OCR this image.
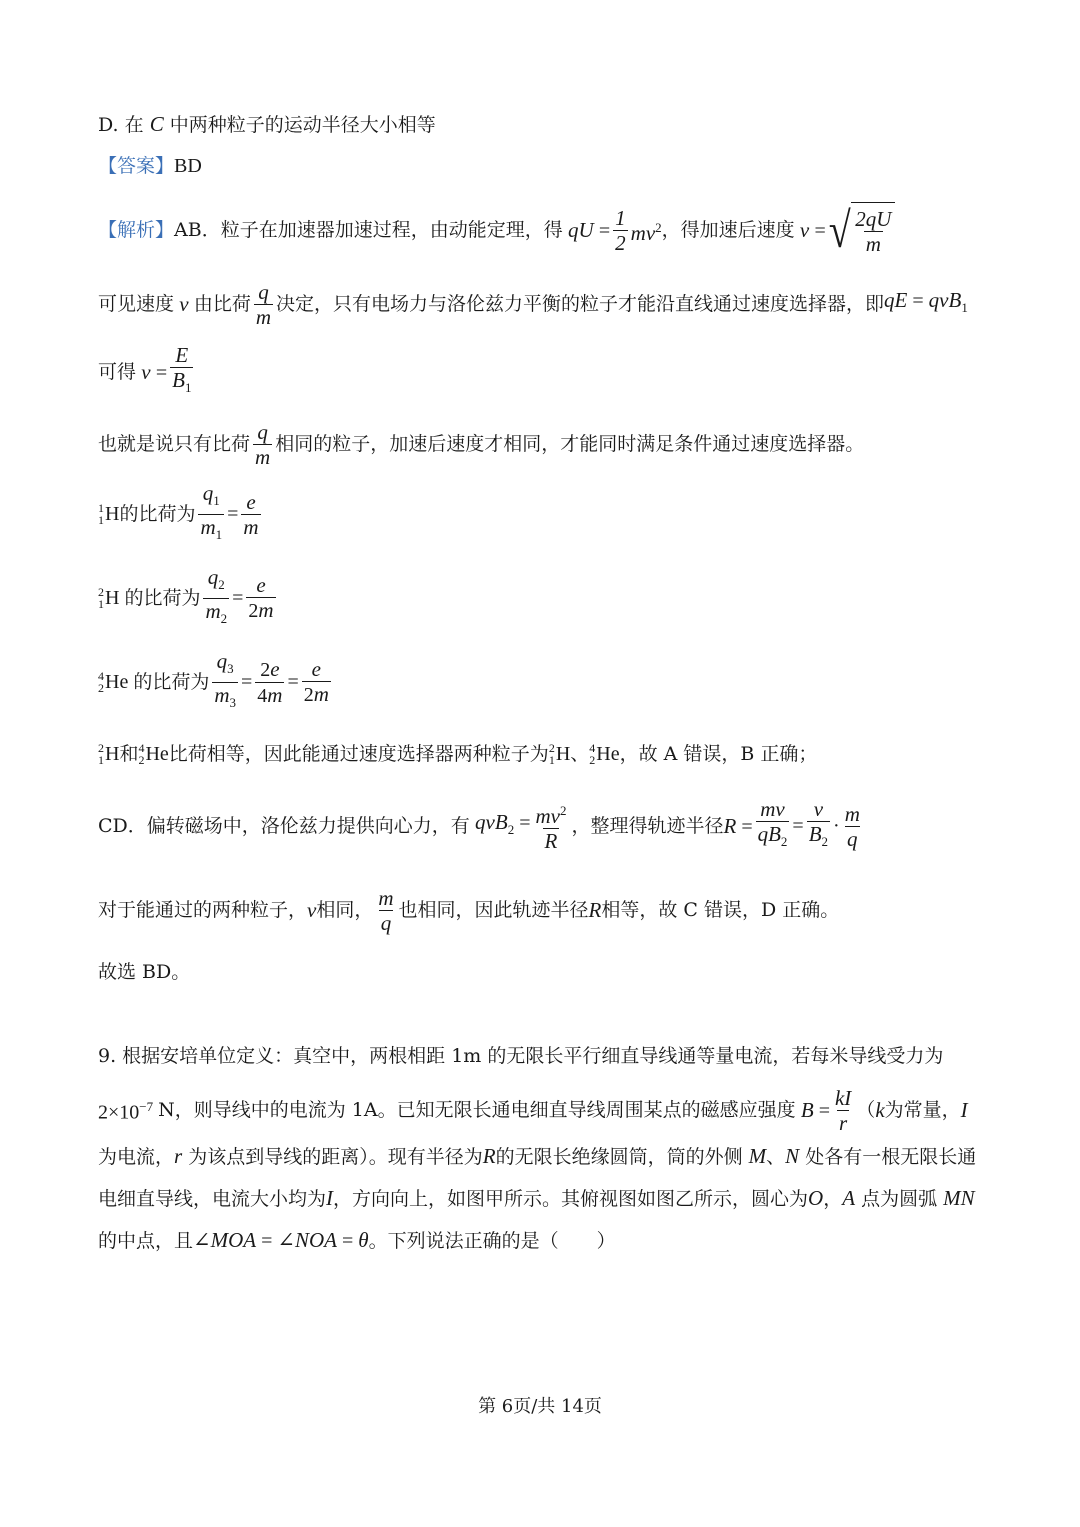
D. 在 C 中两种粒子的运动半径大小相等
【答案】BD
【解析】 AB．粒子在加速器加速过程，由动能定理，得 qU = $\frac{1}{2} mv^2$ ，得加速后速度 v = √ $\frac{2qU}{m}$
可见速度 v 由比荷 $\frac{q}{m}$ 决定，只有电场力与洛伦兹力平衡的粒子才能沿直线通过速度选择器，即 qE = qvB$_1$
可得 $v = \frac{E}{B_1}$
也就是说只有比荷 $\frac{q}{m}$ 相同的粒子，加速后速度才相同，才能同时满足条件通过速度选择器。
1
1 H 的比荷为 $\frac{q_1}{m_1} = \frac{e}{m}$
2
1 H 的比荷为 $\frac{q_2}{m_2} = \frac{e}{2m}$
4
2 He 的比荷为 $\frac{q_3}{m_3} = \frac{2e}{4m} = \frac{e}{2m}$
2
1 H 和 4
2 He 比荷相等，因此能通过速度选择器两种粒子为 2
1 H 、 4
2 He ，故 A 错误，B 正确；
CD．偏转磁场中，洛伦兹力提供向心力，有 $qvB_2 = \frac{mv^2}{R}$ ，整理得轨迹半径 $R = \frac{mv}{qB_2} = \frac{v}{B_2} \cdot \frac{m}{q}$
对于能通过的两种粒子， v 相同， $\frac{m}{q}$ 也相同，因此轨迹半径 R 相等，故 C 错误，D 正确。
故选 BD。
9. 根据安培单位定义：真空中，两根相距 1m 的无限长平行细直导线通等量电流，若每米导线受力为
$2\times 10^{-7}$ N，则导线中的电流为 1A。已知无限长通电细直导线周围某点的磁感应强度 $B = \frac{kI}{r}$ （ k 为常量， I
为电流，r 为该点到导线的距离）。现有半径为R的无限长绝缘圆筒，筒的外侧 M、N 处各有一根无限长通
电细直导线，电流大小均为I，方向向上，如图甲所示。其俯视图如图乙所示，圆心为O，A 点为圆弧 MN
的中点，且∠MOA = ∠NOA = θ。下列说法正确的是（　　）
第 6页/共 14页
